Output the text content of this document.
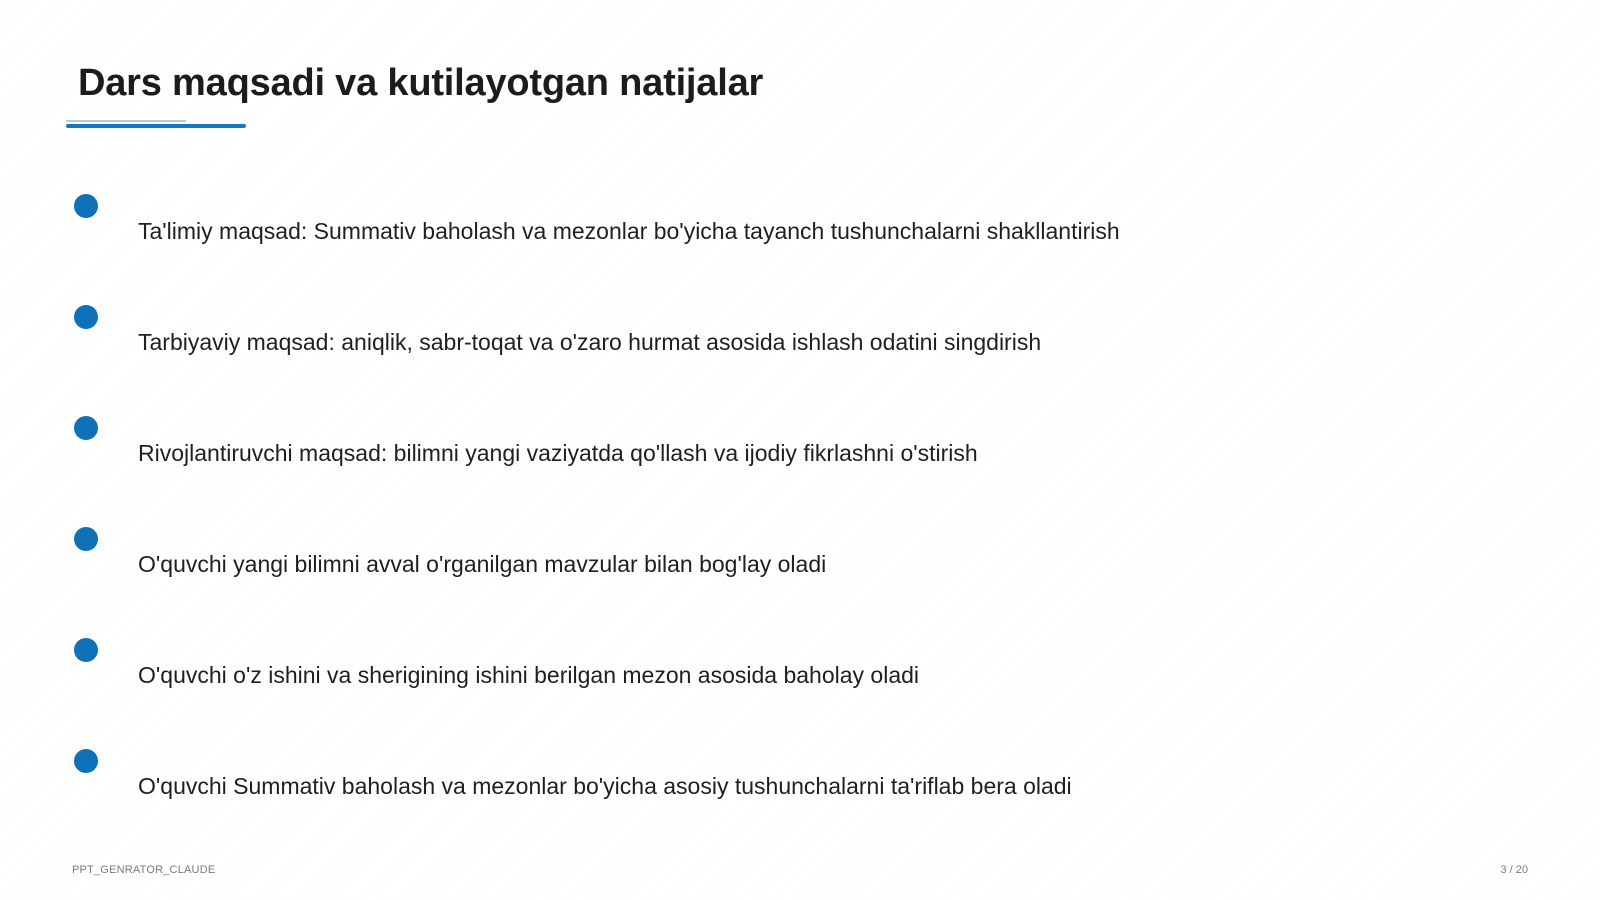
Dars maqsadi va kutilayotgan natijalar
Ta'limiy maqsad: Summativ baholash va mezonlar bo'yicha tayanch tushunchalarni shakllantirish
Tarbiyaviy maqsad: aniqlik, sabr-toqat va o'zaro hurmat asosida ishlash odatini singdirish
Rivojlantiruvchi maqsad: bilimni yangi vaziyatda qo'llash va ijodiy fikrlashni o'stirish
O'quvchi yangi bilimni avval o'rganilgan mavzular bilan bog'lay oladi
O'quvchi o'z ishini va sherigining ishini berilgan mezon asosida baholay oladi
O'quvchi Summativ baholash va mezonlar bo'yicha asosiy tushunchalarni ta'riflab bera oladi
PPT_GENRATOR_CLAUDE	3 / 20
